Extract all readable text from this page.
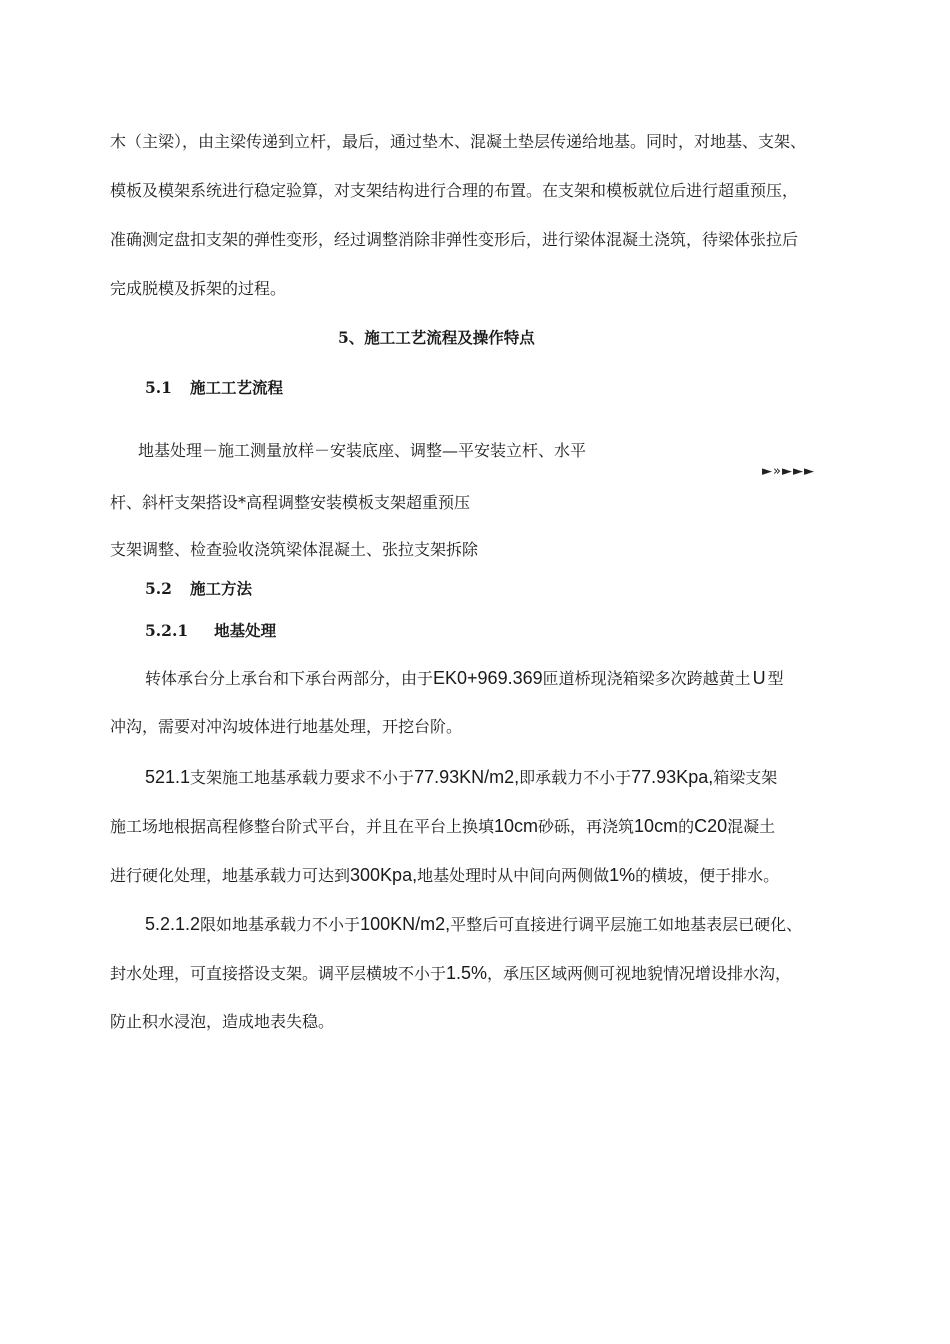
木（主梁），由主梁传递到立杆，最后，通过垫木、混凝土垫层传递给地基。同时，对地基、支架、
模板及模架系统进行稳定验算，对支架结构进行合理的布置。在支架和模板就位后进行超重预压，
准确测定盘扣支架的弹性变形，经过调整消除非弹性变形后，进行梁体混凝土浇筑，待梁体张拉后
完成脱模及拆架的过程。
5、施工工艺流程及操作特点
5.1 施工工艺流程
地基处理－施工测量放样－安装底座、调整—平安装立杆、水平
►»►►►
杆、斜杆支架搭设*高程调整安装模板支架超重预压
支架调整、检查验收浇筑梁体混凝土、张拉支架拆除
5.2 施工方法
5.2.1 地基处理
转体承台分上承台和下承台两部分，由于EK0+969.369匝道桥现浇箱梁多次跨越黄土 U 型
冲沟，需要对冲沟坡体进行地基处理，开挖台阶。
521.1支架施工地基承载力要求不小于77.93KN/m2,即承载力不小于77.93Kpa,箱梁支架
施工场地根据高程修整台阶式平台，并且在平台上换填10cm砂砾，再浇筑10cm的C20混凝土
进行硬化处理，地基承载力可达到300Kpa,地基处理时从中间向两侧做1%的横坡，便于排水。
5.2.1.2限如地基承载力不小于100KN/m2,平整后可直接进行调平层施工如地基表层已硬化、
封水处理，可直接搭设支架。调平层横坡不小于1.5%，承压区域两侧可视地貌情况增设排水沟，
防止积水浸泡，造成地表失稳。
